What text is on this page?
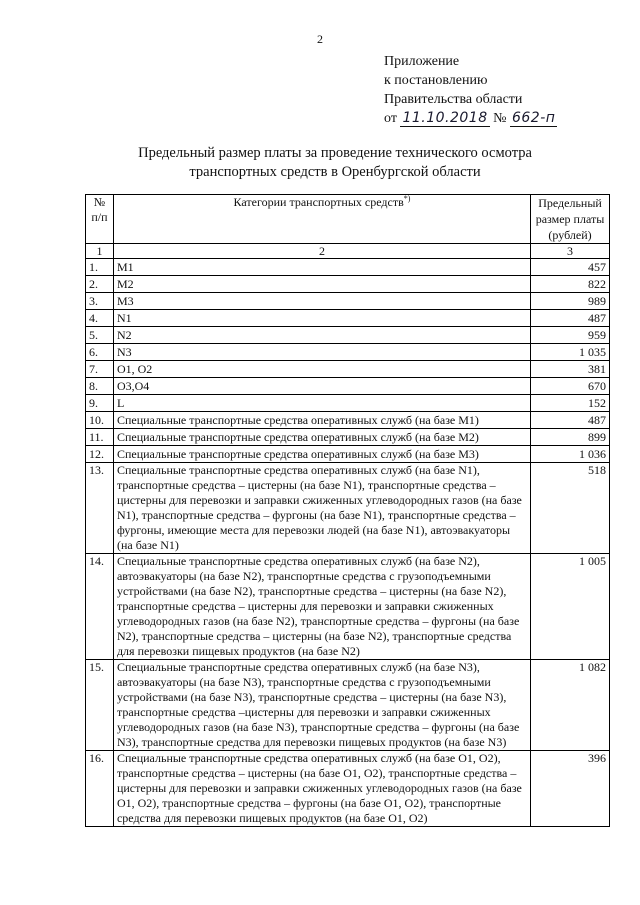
2
Приложение
к постановлению
Правительства области
от 11.10.2018 № 662-п
Предельный размер платы за проведение технического осмотра
транспортных средств в Оренбургской области
№ п/п	Категории транспортных средств*)	Предельный размер платы (рублей)
1	2	3
1.	M1	457
2.	M2	822
3.	M3	989
4.	N1	487
5.	N2	959
6.	N3	1 035
7.	O1, O2	381
8.	O3,O4	670
9.	L	152
10.	Специальные транспортные средства оперативных служб (на базе M1)	487
11.	Специальные транспортные средства оперативных служб (на базе M2)	899
12.	Специальные транспортные средства оперативных служб (на базе M3)	1 036
13.	Специальные транспортные средства оперативных служб (на базе N1), транспортные средства – цистерны (на базе N1), транспортные средства – цистерны для перевозки и заправки сжиженных углеводородных газов (на базе N1), транспортные средства – фургоны (на базе N1), транспортные средства – фургоны, имеющие места для перевозки людей (на базе N1), автоэвакуаторы (на базе N1)	518
14.	Специальные транспортные средства оперативных служб (на базе N2), автоэвакуаторы (на базе N2), транспортные средства с грузоподъемными устройствами (на базе N2), транспортные средства – цистерны (на базе N2), транспортные средства – цистерны для перевозки и заправки сжиженных углеводородных газов (на базе N2), транспортные средства – фургоны (на базе N2), транспортные средства – цистерны (на базе N2), транспортные средства для перевозки пищевых продуктов (на базе N2)	1 005
15.	Специальные транспортные средства оперативных служб (на базе N3), автоэвакуаторы (на базе N3), транспортные средства с грузоподъемными устройствами (на базе N3), транспортные средства – цистерны (на базе N3), транспортные средства –цистерны для перевозки и заправки сжиженных углеводородных газов (на базе N3), транспортные средства – фургоны (на базе N3), транспортные средства для перевозки пищевых продуктов (на базе N3)	1 082
16.	Специальные транспортные средства оперативных служб (на базе O1, O2), транспортные средства – цистерны (на базе O1, O2), транспортные средства – цистерны для перевозки и заправки сжиженных углеводородных газов (на базе O1, O2), транспортные средства – фургоны (на базе O1, O2), транспортные средства для перевозки пищевых продуктов (на базе O1, O2)	396
